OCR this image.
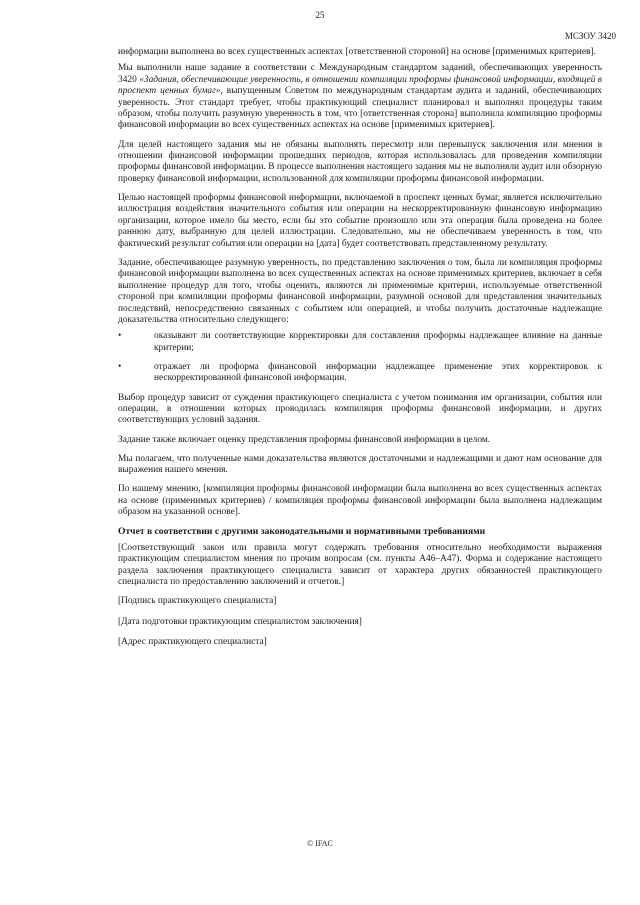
25
МСЗОУ 3420

информации выполнена во всех существенных аспектах [ответственной стороной] на основе [применимых критериев].

Мы выполнили наше задание в соответствии с Международным стандартом заданий, обеспечивающих уверенность 3420 «Задания, обеспечивающие уверенность, в отношении компиляции проформы финансовой информации, входящей в проспект ценных бумаг», выпущенным Советом по международным стандартам аудита и заданий, обеспечивающих уверенность. Этот стандарт требует, чтобы практикующий специалист планировал и выполнял процедуры таким образом, чтобы получить разумную уверенность в том, что [ответственная сторона] выполнила компиляцию проформы финансовой информации во всех существенных аспектах на основе [применимых критериев].

Для целей настоящего задания мы не обязаны выполнять пересмотр или перевыпуск заключения или мнения в отношении финансовой информации прошедших периодов, которая использовалась для проведения компиляции проформы финансовой информации. В процессе выполнения настоящего задания мы не выполняли аудит или обзорную проверку финансовой информации, использованной для компиляции проформы финансовой информации.

Целью настоящей проформы финансовой информации, включаемой в проспект ценных бумаг, является исключительно иллюстрация воздействия значительного события или операции на нескорректированную финансовую информацию организации, которое имело бы место, если бы это событие произошло или эта операция была проведена на более раннюю дату, выбранную для целей иллюстрации. Следовательно, мы не обеспечиваем уверенность в том, что фактический результат события или операции на [дата] будет соответствовать представленному результату.

Задание, обеспечивающее разумную уверенность, по представлению заключения о том, была ли компиляция проформы финансовой информации выполнена во всех существенных аспектах на основе применимых критериев, включает в себя выполнение процедур для того, чтобы оценить, являются ли применимые критерии, используемые ответственной стороной при компиляции проформы финансовой информации, разумной основой для представления значительных последствий, непосредственно связанных с событием или операцией, и чтобы получить достаточные надлежащие доказательства относительно следующего:

•	оказывают ли соответствующие корректировки для составления проформы надлежащее влияние на данные критерии;
•	отражает ли проформа финансовой информации надлежащее применение этих корректировок к нескорректированной финансовой информации.

Выбор процедур зависит от суждения практикующего специалиста с учетом понимания им организации, события или операции, в отношении которых проводилась компиляция проформы финансовой информации, и других соответствующих условий задания.

Задание также включает оценку представления проформы финансовой информации в целом.

Мы полагаем, что полученные нами доказательства являются достаточными и надлежащими и дают нам основание для выражения нашего мнения.

По нашему мнению, [компиляция проформы финансовой информации была выполнена во всех существенных аспектах на основе (применимых критериев) / компиляция проформы финансовой информации была выполнена надлежащим образом на указанной основе].

Отчет в соответствии с другими законодательными и нормативными требованиями

[Соответствующий закон или правила могут содержать требования относительно необходимости выражения практикующим специалистом мнения по прочим вопросам (см. пункты А46–А47). Форма и содержание настоящего раздела заключения практикующего специалиста зависит от характера других обязанностей практикующего специалиста по предоставлению заключений и отчетов.]

[Подпись практикующего специалиста]

[Дата подготовки практикующим специалистом заключения]

[Адрес практикующего специалиста]

© IFAC
